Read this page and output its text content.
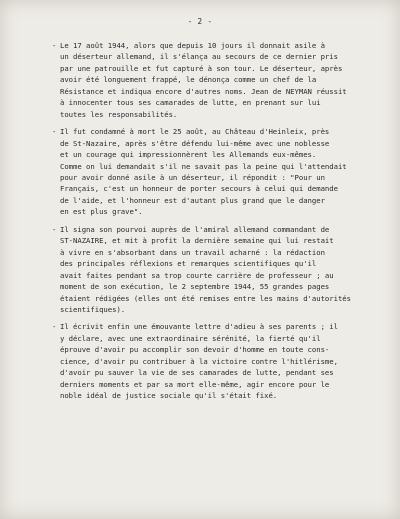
- 2 -
- Le 17 août 1944, alors que depuis 10 jours il donnait asile à
un déserteur allemand, il s'élança au secours de ce dernier pris
par une patrouille et fut capturé à son tour. Le déserteur, après
avoir été longuement frappé, le dénonça comme un chef de la
Résistance et indiqua encore d'autres noms. Jean de NEYMAN réussit
à innocenter tous ses camarades de lutte, en prenant sur lui
toutes les responsabilités.
- Il fut condamné à mort le 25 août, au Château d'Heinleix, près
de St-Nazaire, après s'être défendu lui-même avec une noblesse
et un courage qui impressionnèrent les Allemands eux-mêmes.
Comme on lui demandait s'il ne savait pas la peine qui l'attendait
pour avoir donné asile à un déserteur, il répondit : "Pour un
Français, c'est un honneur de porter secours à celui qui demande
de l'aide, et l'honneur est d'autant plus grand que le danger
en est plus grave".
- Il signa son pourvoi auprès de l'amiral allemand commandant de
ST-NAZAIRE, et mit à profit la dernière semaine qui lui restait
à vivre en s'absorbant dans un travail acharné : la rédaction
des principales réflexions et remarques scientifiques qu'il
avait faites pendant sa trop courte carrière de professeur ; au
moment de son exécution, le 2 septembre 1944, 55 grandes pages
étaient rédigées (elles ont été remises entre les mains d'autorités
scientifiques).
- Il écrivit enfin une émouvante lettre d'adieu à ses parents ; il
y déclare, avec une extraordinaire sérénité, la fierté qu'il
éprouve d'avoir pu accomplir son devoir d'homme en toute cons-
cience, d'avoir pu contribuer à la victoire contre l'hitlérisme,
d'avoir pu sauver la vie de ses camarades de lutte, pendant ses
derniers moments et par sa mort elle-même, agir encore pour le
noble idéal de justice sociale qu'il s'était fixé.
